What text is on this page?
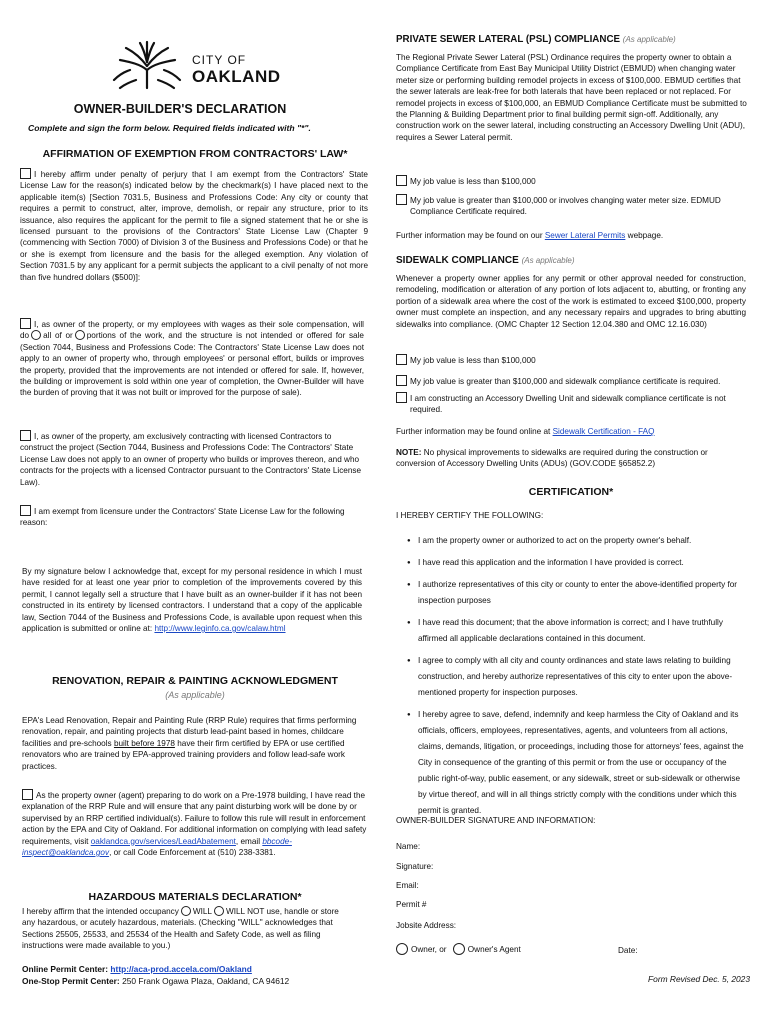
CITY OF
OAKLAND
OWNER-BUILDER'S DECLARATION
Complete and sign the form below. Required fields indicated with "*".
AFFIRMATION OF EXEMPTION FROM CONTRACTORS' LAW*
I hereby affirm under penalty of perjury that I am exempt from the Contractors' State License Law for the reason(s) indicated below by the checkmark(s) I have placed next to the applicable item(s) [Section 7031.5, Business and Professions Code: Any city or county that requires a permit to construct, alter, improve, demolish, or repair any structure, prior to its issuance, also requires the applicant for the permit to file a signed statement that he or she is licensed pursuant to the provisions of the Contractors' State License Law (Chapter 9 (commencing with Section 7000) of Division 3 of the Business and Professions Code) or that he or she is exempt from licensure and the basis for the alleged exemption. Any violation of Section 7031.5 by any applicant for a permit subjects the applicant to a civil penalty of not more than five hundred dollars ($500)]:
I, as owner of the property, or my employees with wages as their sole compensation, will do all of or portions of the work, and the structure is not intended or offered for sale (Section 7044, Business and Professions Code: The Contractors' State License Law does not apply to an owner of property who, through employees' or personal effort, builds or improves the property, provided that the improvements are not intended or offered for sale. If, however, the building or improvement is sold within one year of completion, the Owner-Builder will have the burden of proving that it was not built or improved for the purpose of sale).
I, as owner of the property, am exclusively contracting with licensed Contractors to construct the project (Section 7044, Business and Professions Code: The Contractors' State License Law does not apply to an owner of property who builds or improves thereon, and who contracts for the projects with a licensed Contractor pursuant to the Contractors' State License Law).
I am exempt from licensure under the Contractors' State License Law for the following reason:
By my signature below I acknowledge that, except for my personal residence in which I must have resided for at least one year prior to completion of the improvements covered by this permit, I cannot legally sell a structure that I have built as an owner-builder if it has not been constructed in its entirety by licensed contractors. I understand that a copy of the applicable law, Section 7044 of the Business and Professions Code, is available upon request when this application is submitted or online at: http://www.leginfo.ca.gov/calaw.html
RENOVATION, REPAIR & PAINTING ACKNOWLEDGMENT
(As applicable)
EPA's Lead Renovation, Repair and Painting Rule (RRP Rule) requires that firms performing renovation, repair, and painting projects that disturb lead-paint based in homes, childcare facilities and pre-schools built before 1978 have their firm certified by EPA or use certified renovators who are trained by EPA-approved training providers and follow lead-safe work practices.
As the property owner (agent) preparing to do work on a Pre-1978 building, I have read the explanation of the RRP Rule and will ensure that any paint disturbing work will be done by or supervised by an RRP certified individual(s). Failure to follow this rule will result in enforcement action by the EPA and City of Oakland. For additional information on complying with lead safety requirements, visit oaklandca.gov/services/LeadAbatement, email bbcode-inspect@oaklandca.gov, or call Code Enforcement at (510) 238-3381.
HAZARDOUS MATERIALS DECLARATION*
I hereby affirm that the intended occupancy WILL WILL NOT use, handle or store any hazardous, or acutely hazardous, materials. (Checking "WILL" acknowledges that Sections 25505, 25533, and 25534 of the Health and Safety Code, as well as filing instructions were made available to you.)
Online Permit Center: http://aca-prod.accela.com/Oakland
One-Stop Permit Center: 250 Frank Ogawa Plaza, Oakland, CA 94612
PRIVATE SEWER LATERAL (PSL) COMPLIANCE (As applicable)
The Regional Private Sewer Lateral (PSL) Ordinance requires the property owner to obtain a Compliance Certificate from East Bay Municipal Utility District (EBMUD) when changing water meter size or performing building remodel projects in excess of $100,000. EBMUD certifies that the sewer laterals are leak-free for both laterals that have been replaced or not replaced. For remodel projects in excess of $100,000, an EBMUD Compliance Certificate must be submitted to the Planning & Building Department prior to final building permit sign-off. Additionally, any construction work on the sewer lateral, including constructing an Accessory Dwelling Unit (ADU), requires a Sewer Lateral permit.
My job value is less than $100,000
My job value is greater than $100,000 or involves changing water meter size. EDMUD Compliance Certificate required.
Further information may be found on our Sewer Lateral Permits webpage.
SIDEWALK COMPLIANCE (As applicable)
Whenever a property owner applies for any permit or other approval needed for construction, remodeling, modification or alteration of any portion of lots adjacent to, abutting, or fronting any portion of a sidewalk area where the cost of the work is estimated to exceed $100,000, property owner must complete an inspection, and any necessary repairs and upgrades to bring abutting sidewalks into compliance. (OMC Chapter 12 Section 12.04.380 and OMC 12.16.030)
My job value is less than $100,000
My job value is greater than $100,000 and sidewalk compliance certificate is required.
I am constructing an Accessory Dwelling Unit and sidewalk compliance certificate is not required.
Further information may be found online at Sidewalk Certification - FAQ
NOTE: No physical improvements to sidewalks are required during the construction or conversion of Accessory Dwelling Units (ADUs) (GOV.CODE §65852.2)
CERTIFICATION*
I HEREBY CERTIFY THE FOLLOWING:
● I am the property owner or authorized to act on the property owner's behalf.
● I have read this application and the information I have provided is correct.
● I authorize representatives of this city or county to enter the above-identified property for inspection purposes
● I have read this document; that the above information is correct; and I have truthfully affirmed all applicable declarations contained in this document.
● I agree to comply with all city and county ordinances and state laws relating to building construction, and hereby authorize representatives of this city to enter upon the above-mentioned property for inspection purposes.
● I hereby agree to save, defend, indemnify and keep harmless the City of Oakland and its officials, officers, employees, representatives, agents, and volunteers from all actions, claims, demands, litigation, or proceedings, including those for attorneys' fees, against the City in consequence of the granting of this permit or from the use or occupancy of the public right-of-way, public easement, or any sidewalk, street or sub-sidewalk or otherwise by virtue thereof, and will in all things strictly comply with the conditions under which this permit is granted.
OWNER-BUILDER SIGNATURE AND INFORMATION:
Name:
Signature:
Email:
Permit #
Jobsite Address:
Owner, or	Owner's Agent	Date:
Form Revised Dec. 5, 2023
